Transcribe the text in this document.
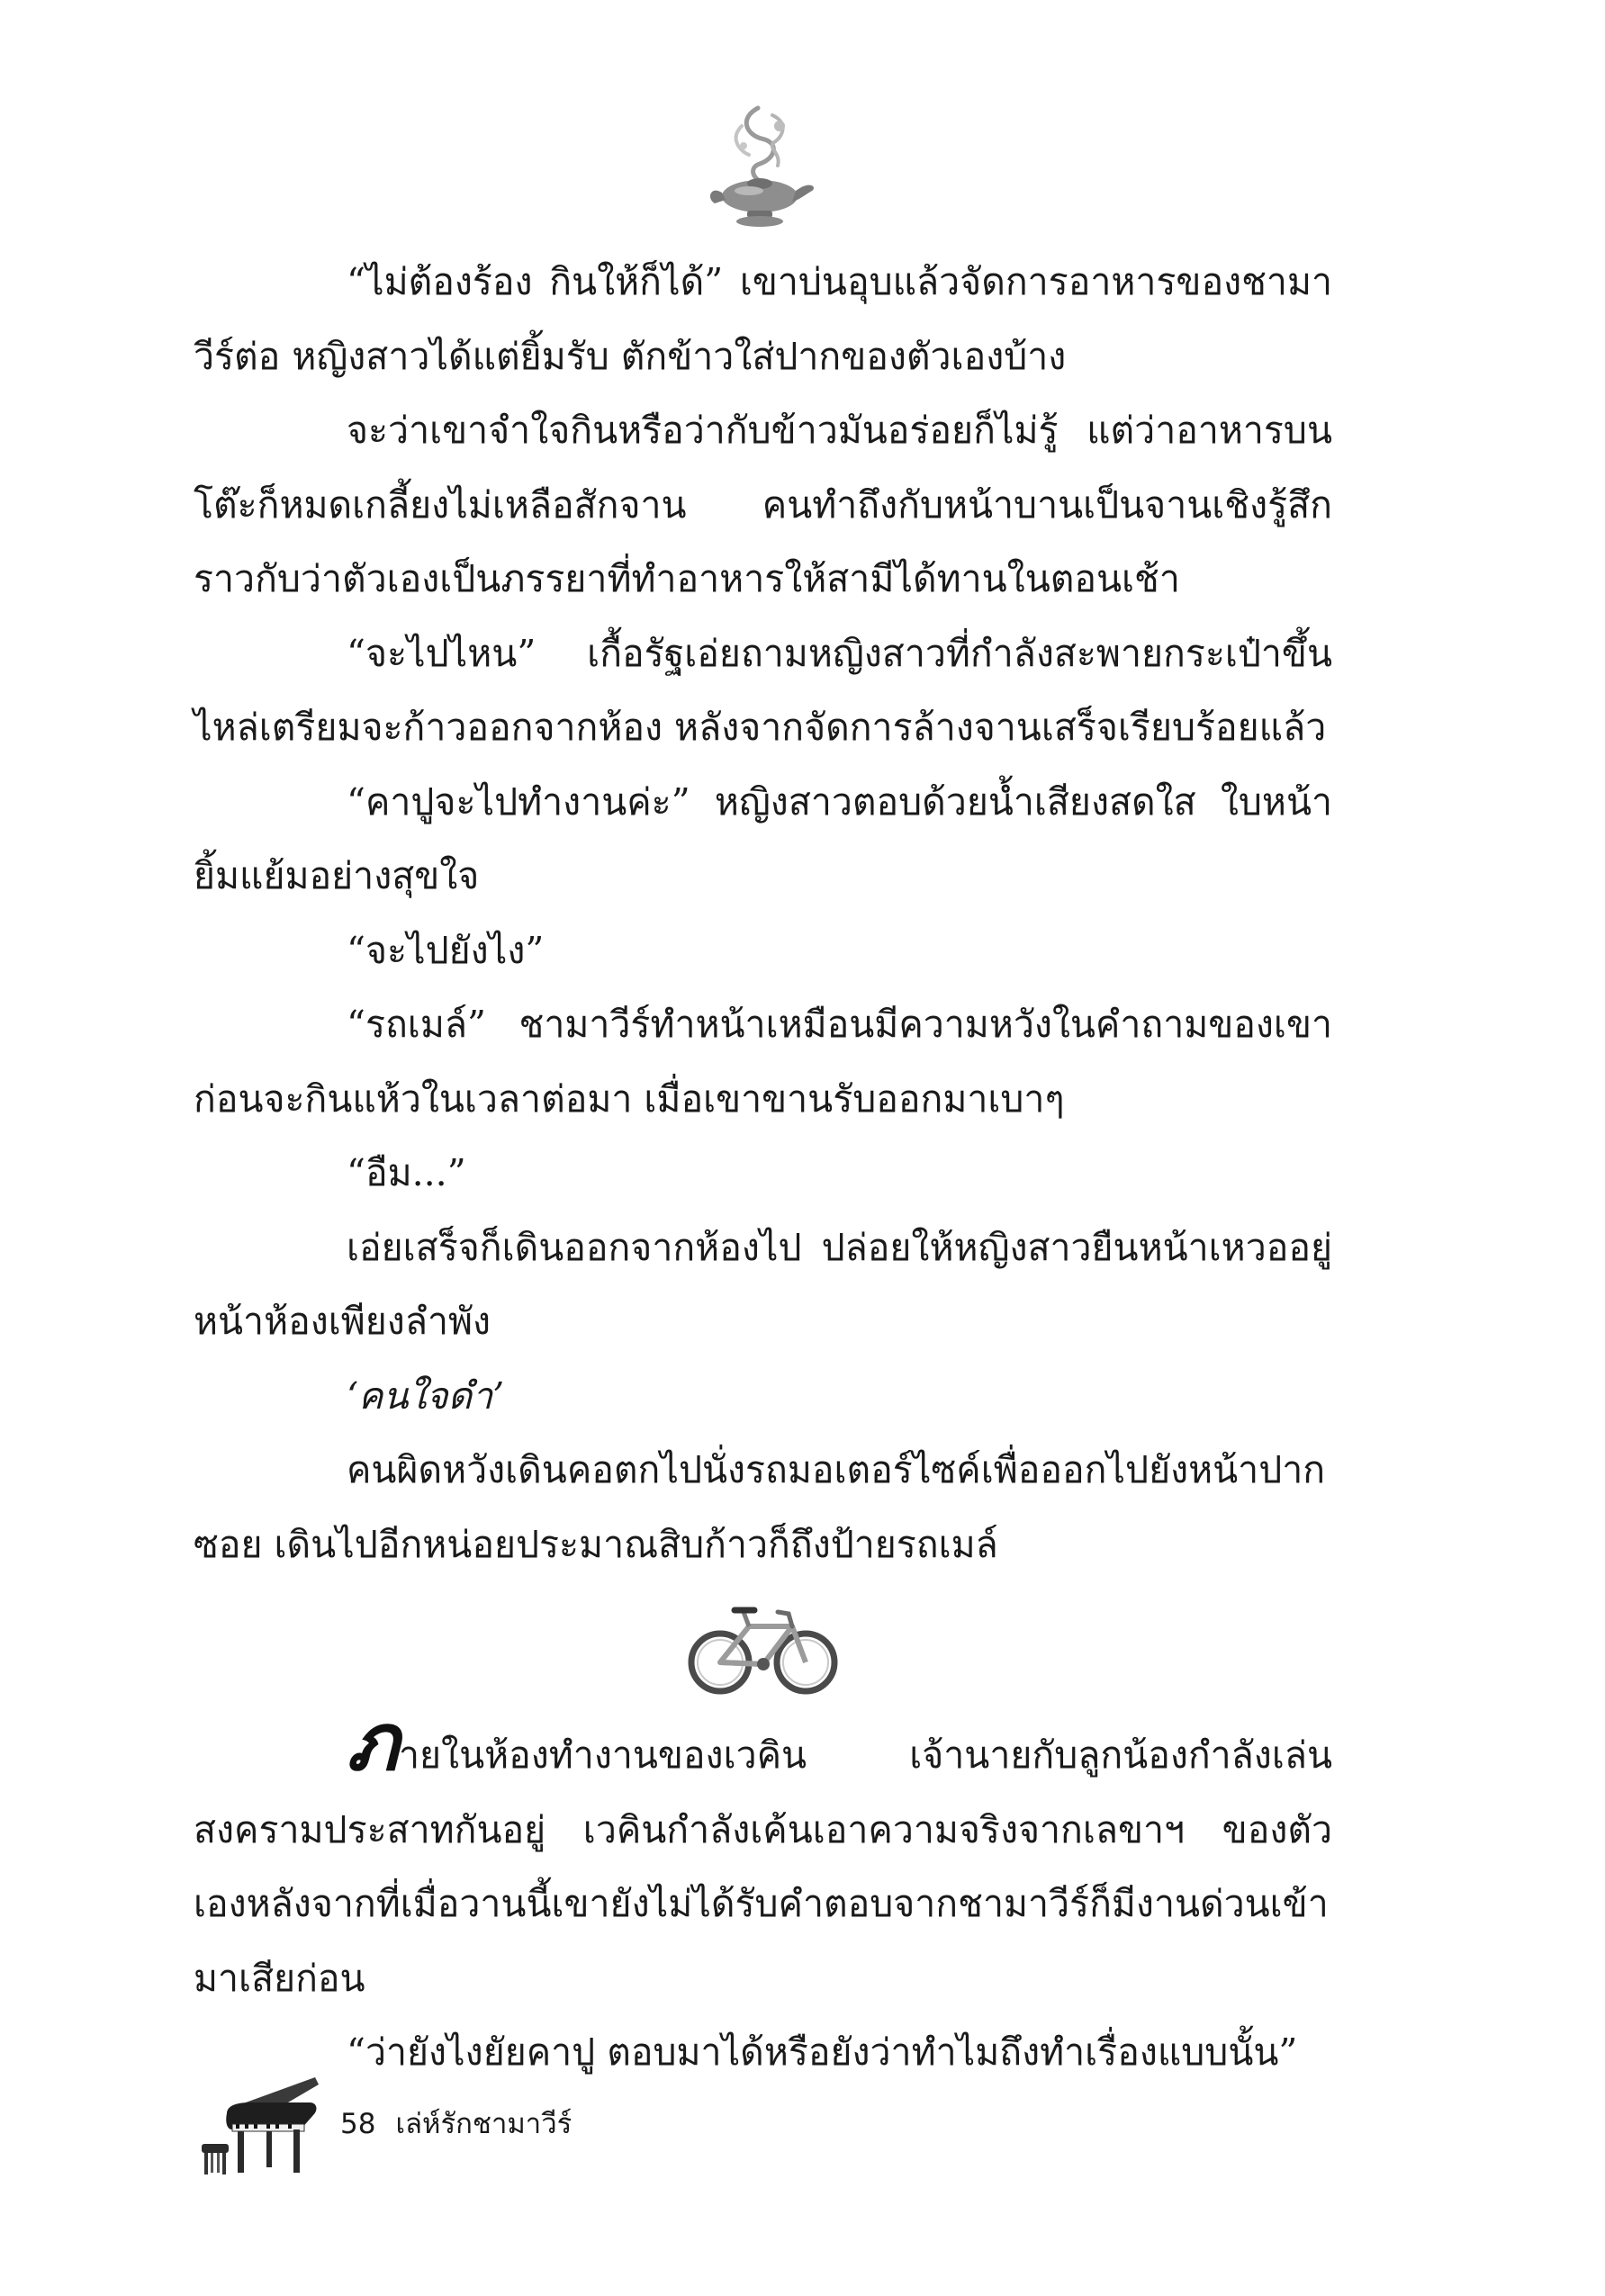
“ไม่ต้องร้อง กินให้ก็ได้” เขาบ่นอุบแล้วจัดการอาหารของชามาวีร์ต่อ หญิงสาวได้แต่ยิ้มรับ ตักข้าวใส่ปากของตัวเองบ้าง

จะว่าเขาจำใจกินหรือว่ากับข้าวมันอร่อยก็ไม่รู้ แต่ว่าอาหารบนโต๊ะก็หมดเกลี้ยงไม่เหลือสักจาน คนทำถึงกับหน้าบานเป็นจานเชิงรู้สึกราวกับว่าตัวเองเป็นภรรยาที่ทำอาหารให้สามีได้ทานในตอนเช้า

“จะไปไหน” เกื้อรัฐเอ่ยถามหญิงสาวที่กำลังสะพายกระเป๋าขึ้นไหล่เตรียมจะก้าวออกจากห้อง หลังจากจัดการล้างจานเสร็จเรียบร้อยแล้ว

“คาปูจะไปทำงานค่ะ” หญิงสาวตอบด้วยน้ำเสียงสดใส ใบหน้ายิ้มแย้มอย่างสุขใจ

“จะไปยังไง”

“รถเมล์” ชามาวีร์ทำหน้าเหมือนมีความหวังในคำถามของเขาก่อนจะกินแห้วในเวลาต่อมา เมื่อเขาขานรับออกมาเบาๆ

“อืม...”

เอ่ยเสร็จก็เดินออกจากห้องไป ปล่อยให้หญิงสาวยืนหน้าเหวออยู่หน้าห้องเพียงลำพัง

‘คนใจดำ’

คนผิดหวังเดินคอตกไปนั่งรถมอเตอร์ไซค์เพื่อออกไปยังหน้าปากซอย เดินไปอีกหน่อยประมาณสิบก้าวก็ถึงป้ายรถเมล์

ภายในห้องทำงานของเวคิน เจ้านายกับลูกน้องกำลังเล่นสงครามประสาทกันอยู่ เวคินกำลังเค้นเอาความจริงจากเลขาฯ ของตัวเองหลังจากที่เมื่อวานนี้เขายังไม่ได้รับคำตอบจากชามาวีร์ก็มีงานด่วนเข้ามาเสียก่อน

“ว่ายังไงยัยคาปู ตอบมาได้หรือยังว่าทำไมถึงทำเรื่องแบบนั้น”

58 เล่ห์รักชามาวีร์
